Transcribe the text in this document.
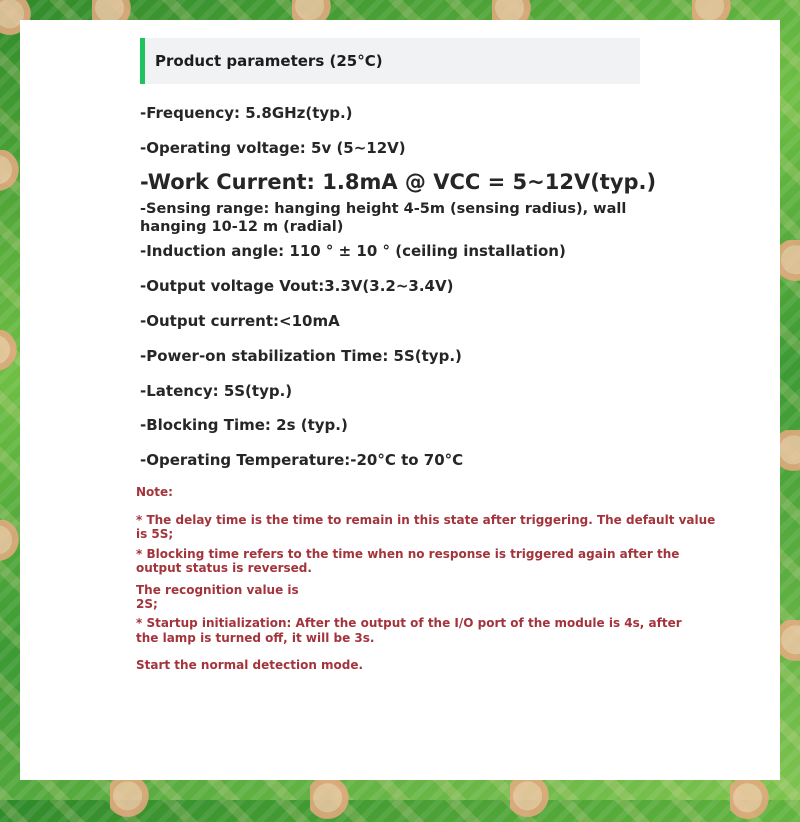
Product parameters (25°C)
-Frequency: 5.8GHz(typ.)
-Operating voltage: 5v (5~12V)
-Work Current: 1.8mA @ VCC = 5~12V(typ.)
-Sensing range: hanging height 4-5m (sensing radius), wall hanging 10-12 m (radial)
-Induction angle: 110 ° ± 10 ° (ceiling installation)
-Output voltage Vout:3.3V(3.2~3.4V)
-Output current:<10mA
-Power-on stabilization Time: 5S(typ.)
-Latency: 5S(typ.)
-Blocking Time: 2s (typ.)
-Operating Temperature:-20°C to 70°C
Note:
* The delay time is the time to remain in this state after triggering. The default value
is 5S;
* Blocking time refers to the time when no response is triggered again after the
output status is reversed.
The recognition value is
2S;
* Startup initialization: After the output of the I/O port of the module is 4s, after
the lamp is turned off, it will be 3s.
Start the normal detection mode.
